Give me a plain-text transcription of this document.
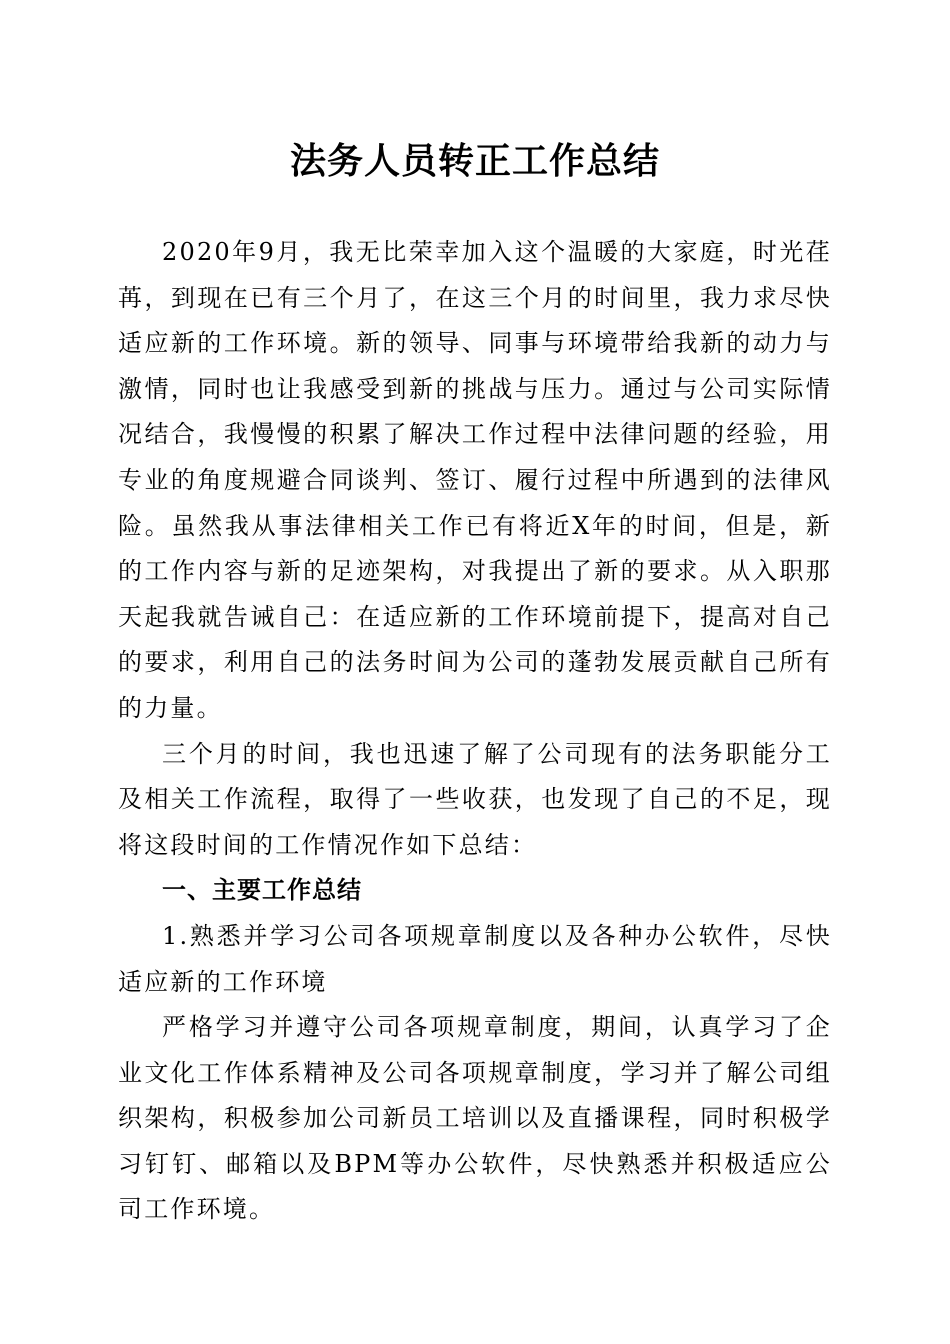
法务人员转正工作总结

2020年9月，我无比荣幸加入这个温暖的大家庭，时光荏苒，到现在已有三个月了，在这三个月的时间里，我力求尽快适应新的工作环境。新的领导、同事与环境带给我新的动力与激情，同时也让我感受到新的挑战与压力。通过与公司实际情况结合，我慢慢的积累了解决工作过程中法律问题的经验，用专业的角度规避合同谈判、签订、履行过程中所遇到的法律风险。虽然我从事法律相关工作已有将近X年的时间，但是，新的工作内容与新的足迹架构，对我提出了新的要求。从入职那天起我就告诫自己：在适应新的工作环境前提下，提高对自己的要求，利用自己的法务时间为公司的蓬勃发展贡献自己所有的力量。

三个月的时间，我也迅速了解了公司现有的法务职能分工及相关工作流程，取得了一些收获，也发现了自己的不足，现将这段时间的工作情况作如下总结：

一、主要工作总结

1.熟悉并学习公司各项规章制度以及各种办公软件，尽快适应新的工作环境

严格学习并遵守公司各项规章制度，期间，认真学习了企业文化工作体系精神及公司各项规章制度，学习并了解公司组织架构，积极参加公司新员工培训以及直播课程，同时积极学习钉钉、邮箱以及BPM等办公软件，尽快熟悉并积极适应公司工作环境。
